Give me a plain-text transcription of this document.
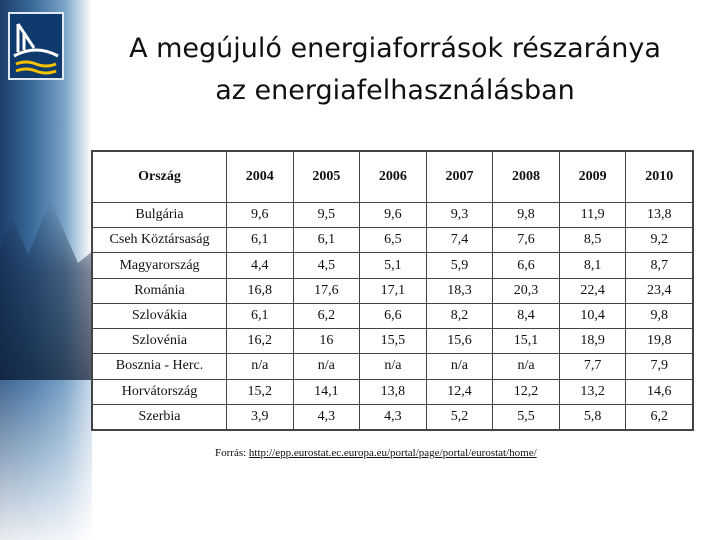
A megújuló energiaforrások részaránya
az energiafelhasználásban
Ország	2004	2005	2006	2007	2008	2009	2010
Bulgária	9,6	9,5	9,6	9,3	9,8	11,9	13,8
Cseh Köztársaság	6,1	6,1	6,5	7,4	7,6	8,5	9,2
Magyarország	4,4	4,5	5,1	5,9	6,6	8,1	8,7
Románia	16,8	17,6	17,1	18,3	20,3	22,4	23,4
Szlovákia	6,1	6,2	6,6	8,2	8,4	10,4	9,8
Szlovénia	16,2	16	15,5	15,6	15,1	18,9	19,8
Bosznia - Herc.	n/a	n/a	n/a	n/a	n/a	7,7	7,9
Horvátország	15,2	14,1	13,8	12,4	12,2	13,2	14,6
Szerbia	3,9	4,3	4,3	5,2	5,5	5,8	6,2
Forrás: http://epp.eurostat.ec.europa.eu/portal/page/portal/eurostat/home/
